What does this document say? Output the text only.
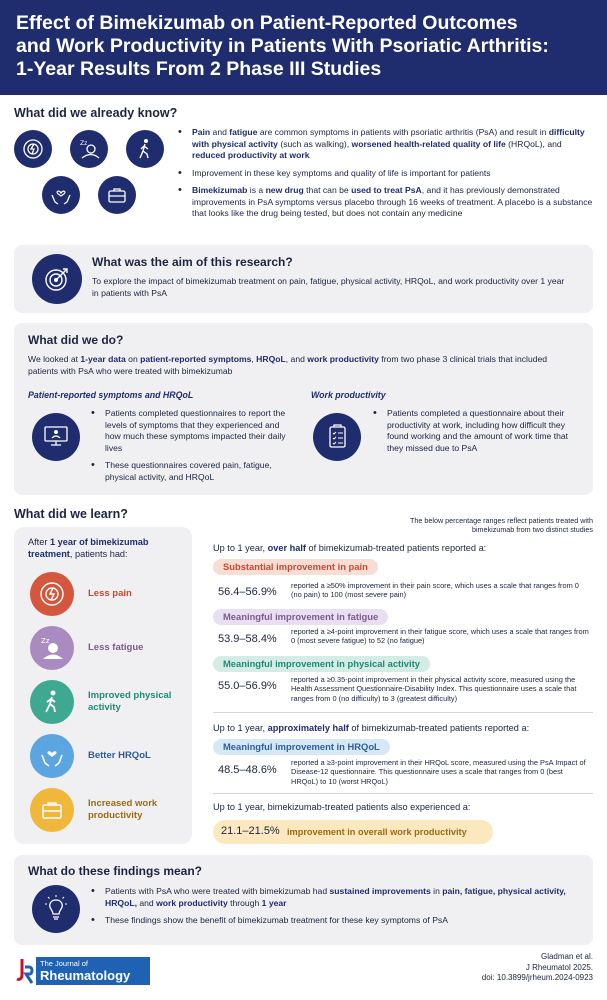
Effect of Bimekizumab on Patient-Reported Outcomes
and Work Productivity in Patients With Psoriatic Arthritis:
1-Year Results From 2 Phase III Studies
What did we already know?
Zz
• Pain and fatigue are common symptoms in patients with psoriatic arthritis (PsA) and result in difficulty with physical activity (such as walking), worsened health-related quality of life (HRQoL), and reduced productivity at work
• Improvement in these key symptoms and quality of life is important for patients
• Bimekizumab is a new drug that can be used to treat PsA, and it has previously demonstrated improvements in PsA symptoms versus placebo through 16 weeks of treatment. A placebo is a substance that looks like the drug being tested, but does not contain any medicine
What was the aim of this research?
To explore the impact of bimekizumab treatment on pain, fatigue, physical activity, HRQoL, and work productivity over 1 year in patients with PsA
What did we do?
We looked at 1-year data on patient-reported symptoms, HRQoL, and work productivity from two phase 3 clinical trials that included patients with PsA who were treated with bimekizumab
Patient-reported symptoms and HRQoL
• Patients completed questionnaires to report the levels of symptoms that they experienced and how much these symptoms impacted their daily lives
• These questionnaires covered pain, fatigue, physical activity, and HRQoL
Work productivity
• Patients completed a questionnaire about their productivity at work, including how difficult they found working and the amount of work time that they missed due to PsA
What did we learn?	The below percentage ranges reflect patients treated with bimekizumab from two distinct studies
After 1 year of bimekizumab treatment, patients had:
Less pain
Zz
Less fatigue
Improved physical activity
Better HRQoL
Increased work productivity
Up to 1 year, over half of bimekizumab-treated patients reported a:
Substantial improvement in pain
56.4–56.9%
reported a ≥50% improvement in their pain score, which uses a scale that ranges from 0 (no pain) to 100 (most severe pain)
Meaningful improvement in fatigue
53.9–58.4%
reported a ≥4-point improvement in their fatigue score, which uses a scale that ranges from 0 (most severe fatigue) to 52 (no fatigue)
Meaningful improvement in physical activity
55.0–56.9%
reported a ≥0.35-point improvement in their physical activity score, measured using the Health Assessment Questionnaire-Disability Index. This questionnaire uses a scale that ranges from 0 (no difficulty) to 3 (greatest difficulty)
Up to 1 year, approximately half of bimekizumab-treated patients reported a:
Meaningful improvement in HRQoL
48.5–48.6%
reported a ≥3-point improvement in their HRQoL score, measured using the PsA Impact of Disease-12 questionnaire. This questionnaire uses a scale that ranges from 0 (best HRQoL) to 10 (worst HRQoL)
Up to 1 year, bimekizumab-treated patients also experienced a:
21.1–21.5% improvement in overall work productivity
What do these findings mean?
• Patients with PsA who were treated with bimekizumab had sustained improvements in pain, fatigue, physical activity, HRQoL, and work productivity through 1 year
• These findings show the benefit of bimekizumab treatment for these key symptoms of PsA
The Journal of
Rheumatology
Gladman et al.
J Rheumatol 2025.
doi: 10.3899/jrheum.2024-0923
